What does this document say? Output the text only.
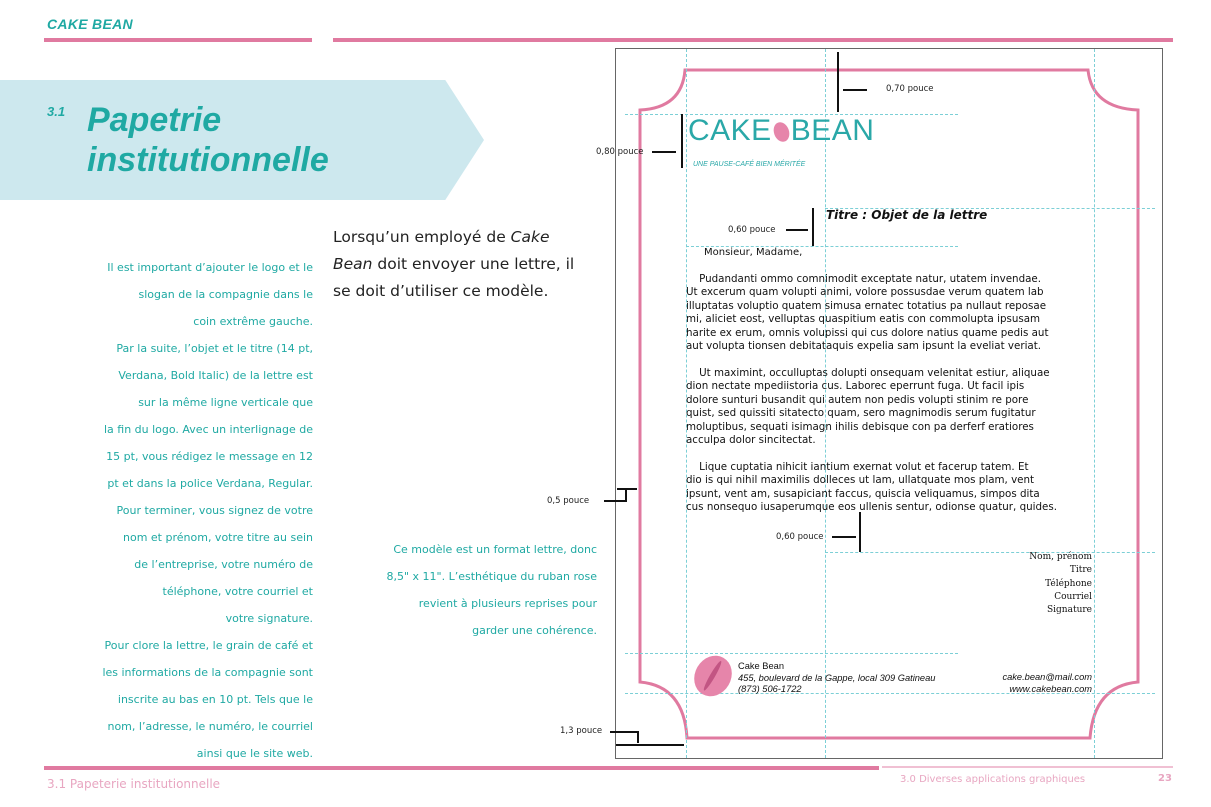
CAKE BEAN
3.1 Papetrie
institutionnelle
Il est important d’ajouter le logo et le
slogan de la compagnie dans le
coin extrême gauche.
Par la suite, l’objet et le titre (14 pt,
Verdana, Bold Italic) de la lettre est
sur la même ligne verticale que
la fin du logo. Avec un interlignage de
15 pt, vous rédigez le message en 12
pt et dans la police Verdana, Regular.
Pour terminer, vous signez de votre
nom et prénom, votre titre au sein
de l’entreprise, votre numéro de
téléphone, votre courriel et
votre signature.
Pour clore la lettre, le grain de café et
les informations de la compagnie sont
inscrite au bas en 10 pt. Tels que le
nom, l’adresse, le numéro, le courriel
ainsi que le site web.
Lorsqu’un employé de Cake Bean doit envoyer une lettre, il se doit d’utiliser ce modèle.
Ce modèle est un format lettre, donc
8,5" x 11". L’esthétique du ruban rose
revient à plusieurs reprises pour
garder une cohérence.
0,70 pouce
0,80 pouce
0,60 pouce
0,5 pouce
0,60 pouce
1,3 pouce
CAKE BEAN
UNE PAUSE-CAFÉ BIEN MÉRITÉE
Titre : Objet de la lettre
Monsieur, Madame,
Pudandanti ommo comnimodit exceptate natur, utatem invendae.
Ut excerum quam volupti animi, volore possusdae verum quatem lab
illuptatas voluptio quatem simusa ernatec totatius pa nullaut reposae
mi, aliciet eost, velluptas quaspitium eatis con commolupta ipsusam
harite ex erum, omnis volupissi qui cus dolore natius quame pedis aut
aut volupta tionsen debitataquis expelia sam ipsunt la eveliat veriat.
Ut maximint, occulluptas dolupti onsequam velenitat estiur, aliquae
dion nectate mpediistoria cus. Laborec eperrunt fuga. Ut facil ipis
dolore sunturi busandit qui autem non pedis volupti stinim re pore
quist, sed quissiti sitatecto quam, sero magnimodis serum fugitatur
moluptibus, sequati isimagn ihilis debisque con pa derferf eratiores
acculpa dolor sincitectat.
Lique cuptatia nihicit iantium exernat volut et facerup tatem. Et
dio is qui nihil maximilis dolleces ut lam, ullatquate mos plam, vent
ipsunt, vent am, susapiciant faccus, quiscia veliquamus, simpos dita
cus nonsequo iusaperumque eos ullenis sentur, odionse quatur, quides.
Nom, prénom
Titre
Téléphone
Courriel
Signature
Cake Bean
455, boulevard de la Gappe, local 309 Gatineau
(873) 506-1722
cake.bean@mail.com
www.cakebean.com
3.1 Papeterie institutionnelle	3.0 Diverses applications graphiques	23
